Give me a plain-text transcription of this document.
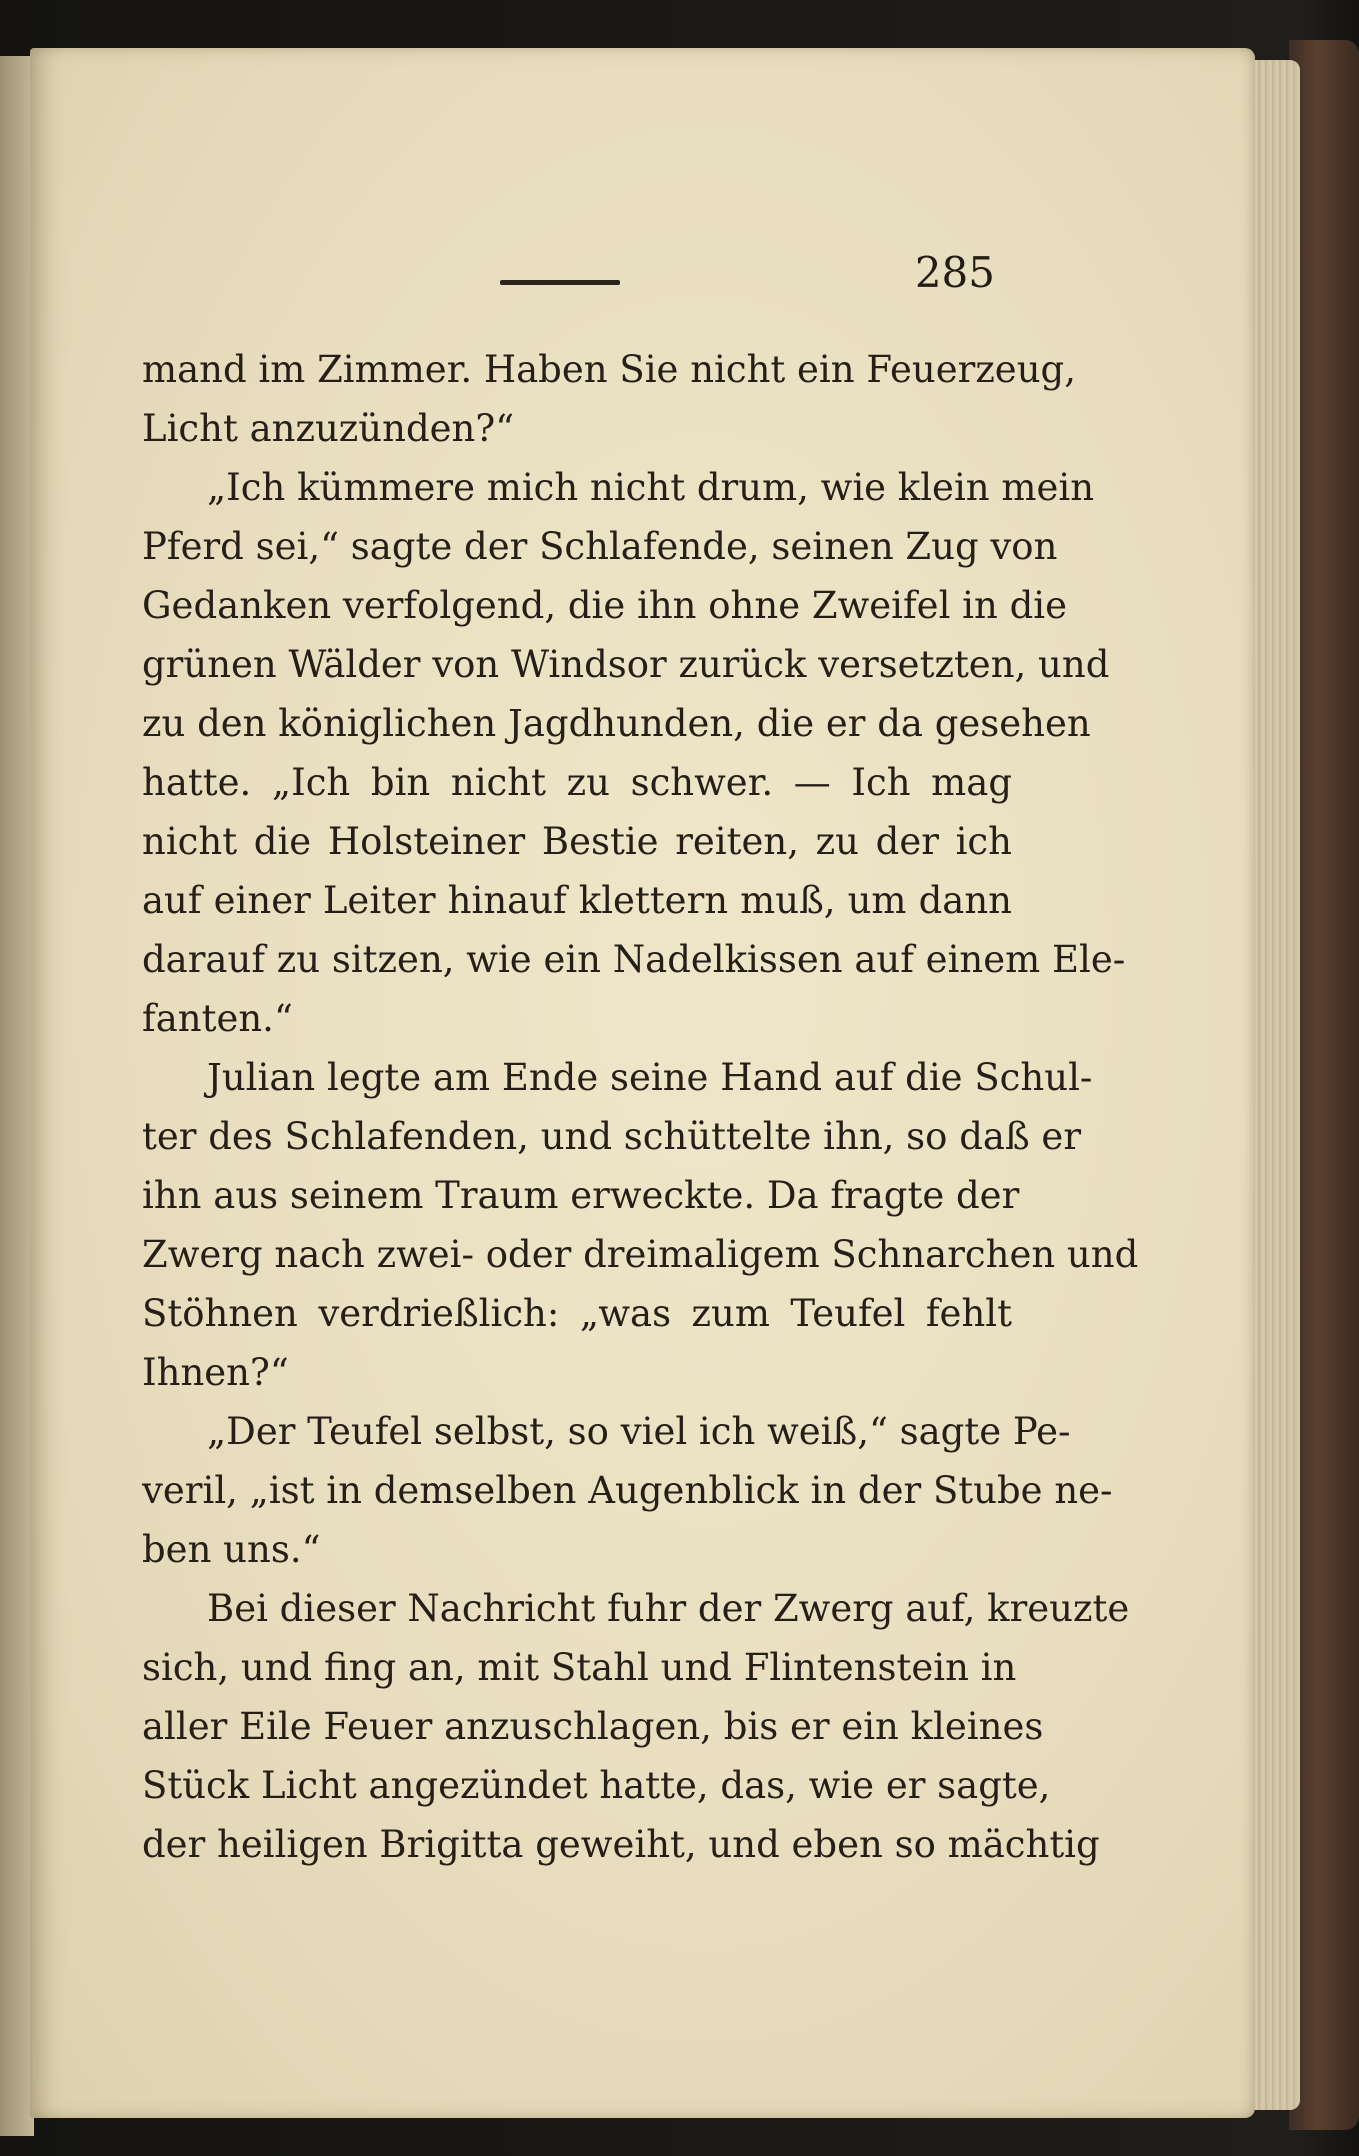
285
mand im Zimmer. Haben Sie nicht ein Feuerzeug,
Licht anzuzünden?“
„Ich kümmere mich nicht drum, wie klein mein
Pferd sei,“ sagte der Schlafende, seinen Zug von
Gedanken verfolgend, die ihn ohne Zweifel in die
grünen Wälder von Windsor zurück versetzten, und
zu den königlichen Jagdhunden, die er da gesehen
hatte. „Ich bin nicht zu schwer. — Ich mag
nicht die Holsteiner Bestie reiten, zu der ich
auf einer Leiter hinauf klettern muß, um dann
darauf zu sitzen, wie ein Nadelkissen auf einem Ele-
fanten.“
Julian legte am Ende seine Hand auf die Schul-
ter des Schlafenden, und schüttelte ihn, so daß er
ihn aus seinem Traum erweckte. Da fragte der
Zwerg nach zwei- oder dreimaligem Schnarchen und
Stöhnen verdrießlich: „was zum Teufel fehlt
Ihnen?“
„Der Teufel selbst, so viel ich weiß,“ sagte Pe-
veril, „ist in demselben Augenblick in der Stube ne-
ben uns.“
Bei dieser Nachricht fuhr der Zwerg auf, kreuzte
sich, und fing an, mit Stahl und Flintenstein in
aller Eile Feuer anzuschlagen, bis er ein kleines
Stück Licht angezündet hatte, das, wie er sagte,
der heiligen Brigitta geweiht, und eben so mächtig
